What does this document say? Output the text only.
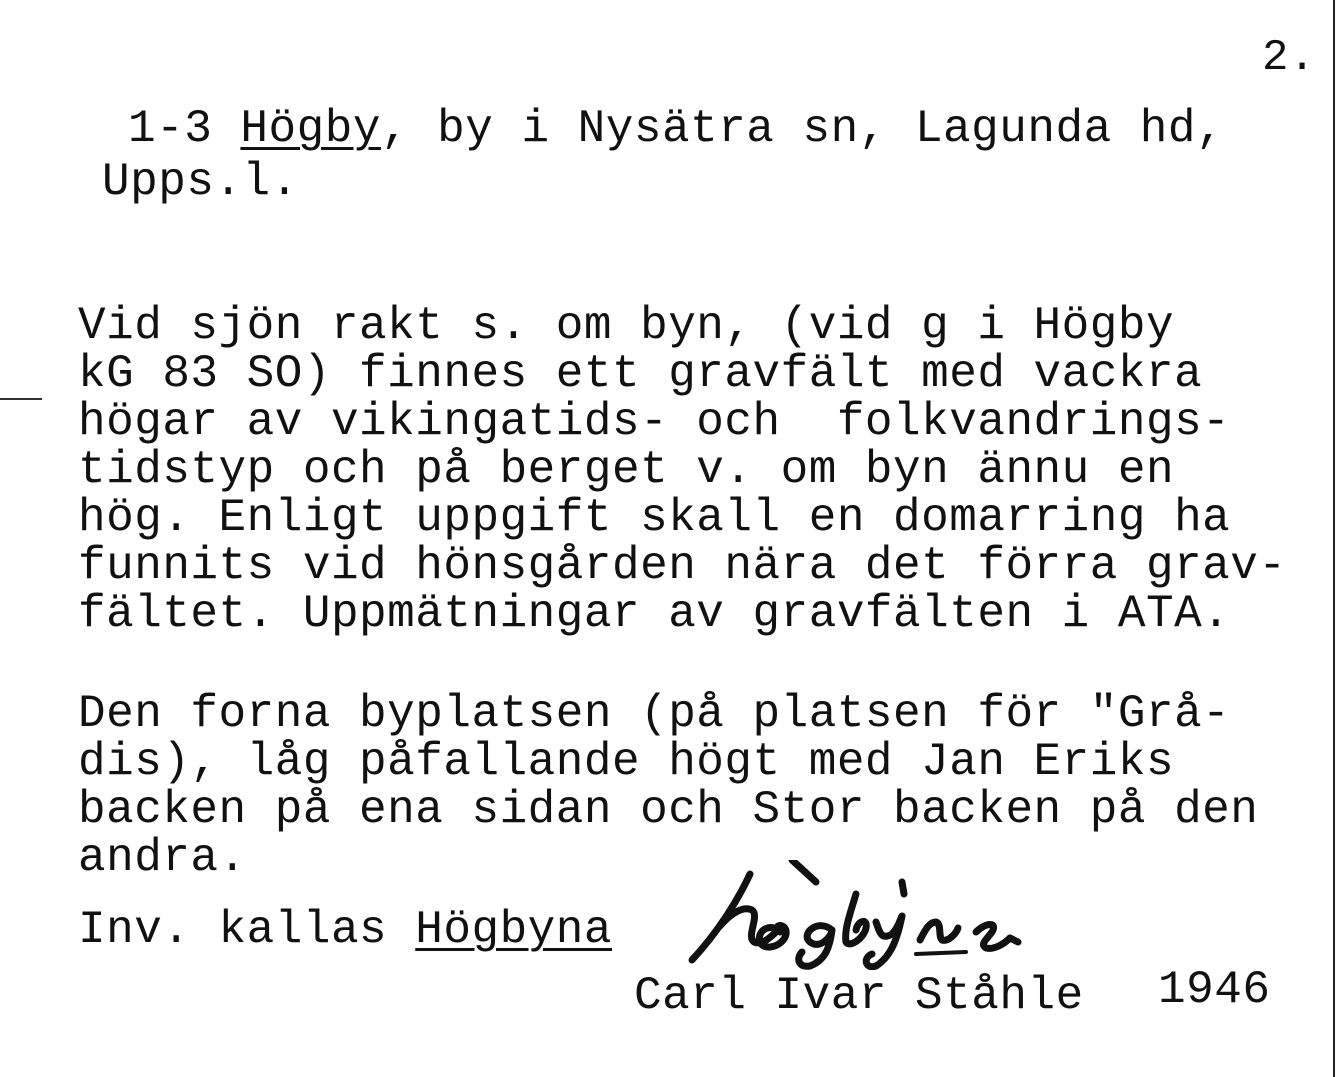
2.
1-3 Högby, by i Nysätra sn, Lagunda hd,
Upps.l.
Vid sjön rakt s. om byn, (vid g i Högby
kG 83 SO) finnes ett gravfält med vackra
högar av vikingatids- och  folkvandrings-
tidstyp och på berget v. om byn ännu en
hög. Enligt uppgift skall en domarring ha
funnits vid hönsgården nära det förra grav-
fältet. Uppmätningar av gravfälten i ATA.
Den forna byplatsen (på platsen för "Grå-
dis), låg påfallande högt med Jan Eriks
backen på ena sidan och Stor backen på den
andra.
Inv. kallas Högbyna
Carl Ivar Ståhle 1946
